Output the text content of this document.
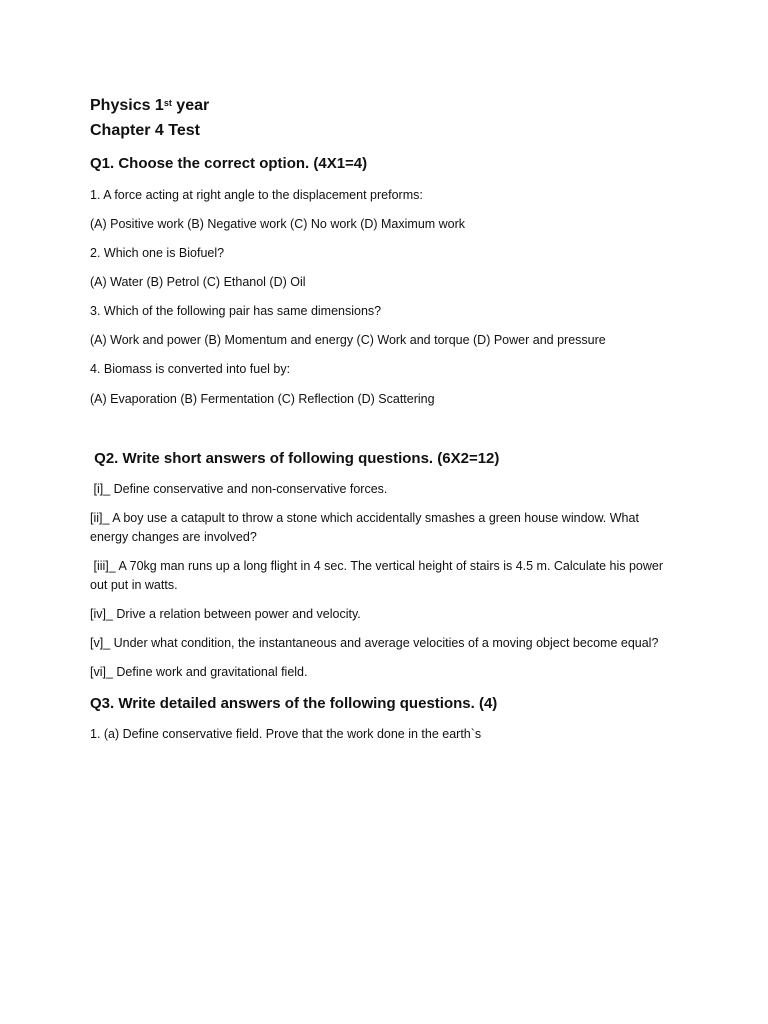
Physics 1st year

Chapter 4 Test

Q1. Choose the correct option. (4X1=4)

1. A force acting at right angle to the displacement preforms:

(A) Positive work (B) Negative work (C) No work (D) Maximum work

2. Which one is Biofuel?

(A) Water (B) Petrol (C) Ethanol (D) Oil

3. Which of the following pair has same dimensions?

(A) Work and power (B) Momentum and energy (C) Work and torque (D) Power and pressure

4. Biomass is converted into fuel by:

(A) Evaporation (B) Fermentation (C) Reflection (D) Scattering

Q2. Write short answers of following questions. (6X2=12)

[i]_ Define conservative and non-conservative forces.

[ii]_ A boy use a catapult to throw a stone which accidentally smashes a green house window. What energy changes are involved?

[iii]_ A 70kg man runs up a long flight in 4 sec. The vertical height of stairs is 4.5 m. Calculate his power out put in watts.

[iv]_ Drive a relation between power and velocity.

[v]_ Under what condition, the instantaneous and average velocities of a moving object become equal?

[vi]_ Define work and gravitational field.

Q3. Write detailed answers of the following questions. (4)

1. (a) Define conservative field. Prove that the work done in the earth`s
